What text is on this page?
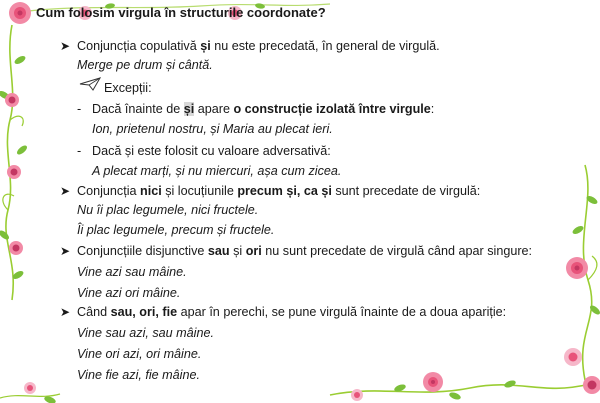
Cum folosim virgula în structurile coordonate?
➤ Conjuncția copulativă și nu este precedată, în general de virgulă.
Merge pe drum și cântă.
Excepții:
- Dacă înainte de și apare o construcție izolată între virgule:
Ion, prietenul nostru, și Maria au plecat ieri.
- Dacă și este folosit cu valoare adversativă:
A plecat marți, și nu miercuri, așa cum zicea.
➤ Conjuncția nici și locuțiunile precum și, ca și sunt precedate de virgulă:
Nu îi plac legumele, nici fructele.
Îi plac legumele, precum și fructele.
➤ Conjuncțiile disjunctive sau și ori nu sunt precedate de virgulă când apar singure:
Vine azi sau mâine.
Vine azi ori mâine.
➤ Când sau, ori, fie apar în perechi, se pune virgulă înainte de a doua apariție:
Vine sau azi, sau mâine.
Vine ori azi, ori mâine.
Vine fie azi, fie mâine.
